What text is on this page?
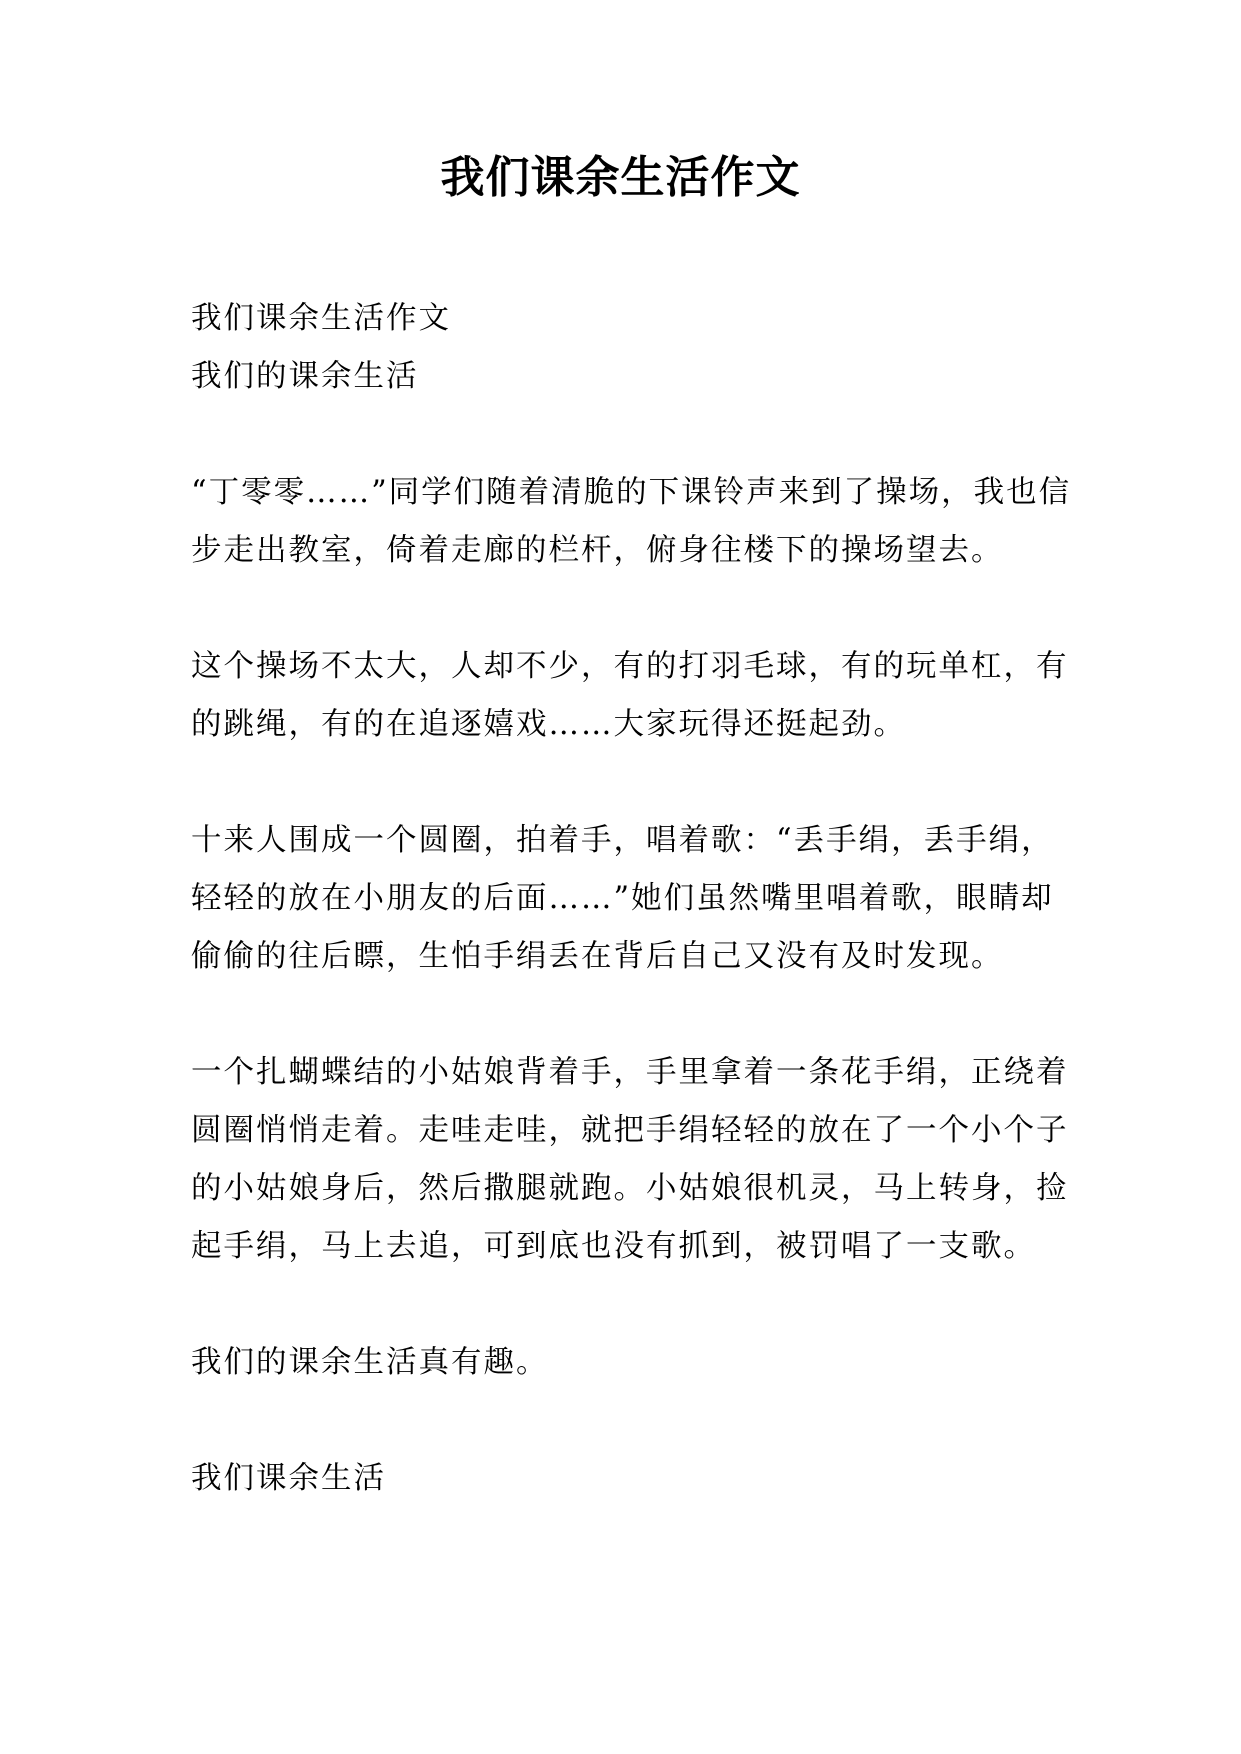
我们课余生活作文

我们课余生活作文

我们的课余生活

“丁零零……”同学们随着清脆的下课铃声来到了操场，我也信步走出教室，倚着走廊的栏杆，俯身往楼下的操场望去。

这个操场不太大，人却不少，有的打羽毛球，有的玩单杠，有的跳绳，有的在追逐嬉戏……大家玩得还挺起劲。

十来人围成一个圆圈，拍着手，唱着歌：“丢手绢，丢手绢，轻轻的放在小朋友的后面……”她们虽然嘴里唱着歌，眼睛却偷偷的往后瞟，生怕手绢丢在背后自己又没有及时发现。

一个扎蝴蝶结的小姑娘背着手，手里拿着一条花手绢，正绕着圆圈悄悄走着。走哇走哇，就把手绢轻轻的放在了一个小个子的小姑娘身后，然后撒腿就跑。小姑娘很机灵，马上转身，捡起手绢，马上去追，可到底也没有抓到，被罚唱了一支歌。

我们的课余生活真有趣。

我们课余生活
